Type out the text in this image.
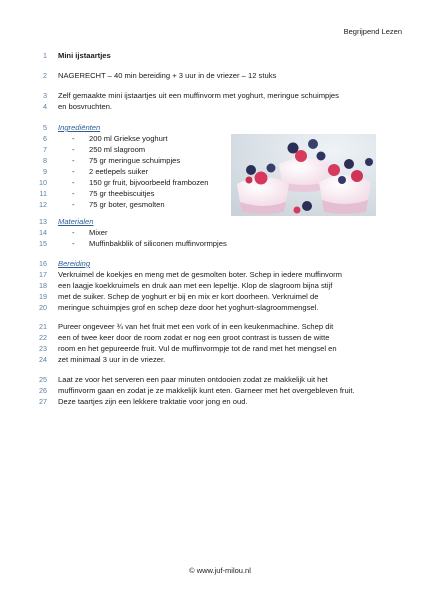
Begrijpend Lezen
1 Mini ijstaartjes
2 NAGERECHT – 40 min bereiding + 3 uur in de vriezer – 12 stuks
3 Zelf gemaakte mini ijstaartjes uit een muffinvorm met yoghurt, meringue schuimpjes
4 en bosvruchten.
5 Ingrediënten
6	- 200 ml Griekse yoghurt
7	- 250 ml slagroom
8	- 75 gr meringue schuimpjes
9	- 2 eetlepels suiker
10	- 150 gr fruit, bijvoorbeeld frambozen
11	- 75 gr theebiscuitjes
12	- 75 gr boter, gesmolten
13 Materialen
14	- Mixer
15	- Muffinbakblik of siliconen muffinvormpjes
16 Bereiding
17 Verkruimel de koekjes en meng met de gesmolten boter. Schep in iedere muffinvorm
18 een laagje koekkruimels en druk aan met een lepeltje. Klop de slagroom bijna stijf
19 met de suiker. Schep de yoghurt er bij en mix er kort doorheen. Verkruimel de
20 meringue schuimpjes grof en schep deze door het yoghurt-slagroommengsel.
21 Pureer ongeveer ¾ van het fruit met een vork of in een keukenmachine. Schep dit
22 een of twee keer door de room zodat er nog een groot contrast is tussen de witte
23 room en het gepureerde fruit. Vul de muffinvormpje tot de rand met het mengsel en
24 zet minimaal 3 uur in de vriezer.
25 Laat ze voor het serveren een paar minuten ontdooien zodat ze makkelijk uit het
26 muffinvorm gaan en zodat je ze makkelijk kunt eten. Garneer met het overgebleven fruit.
27 Deze taartjes zijn een lekkere traktatie voor jong en oud.
© www.juf-milou.nl
